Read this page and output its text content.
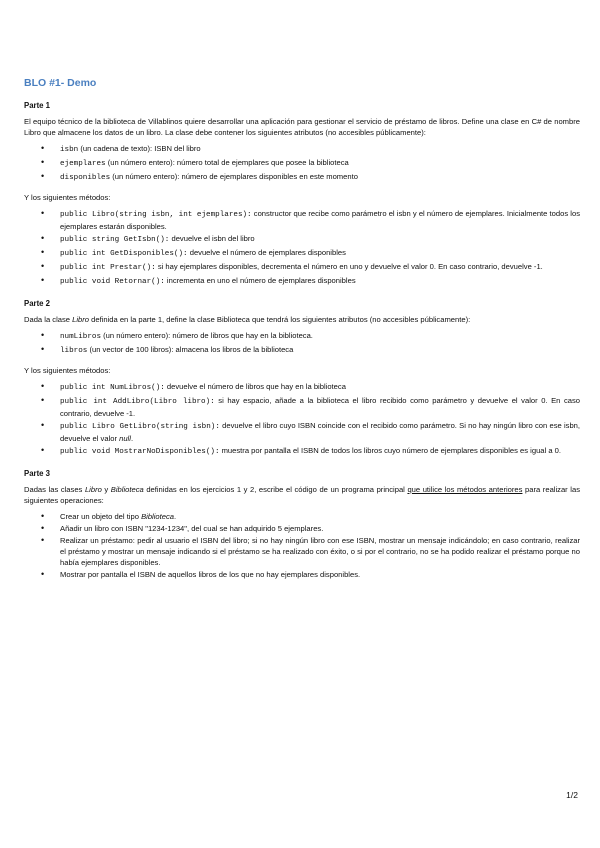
BLO #1- Demo
Parte 1

El equipo técnico de la biblioteca de Villablinos quiere desarrollar una aplicación para gestionar el servicio de préstamo de libros. Define una clase en C# de nombre Libro que almacene los datos de un libro. La clase debe contener los siguientes atributos (no accesibles públicamente):

• isbn (un cadena de texto): ISBN del libro
• ejemplares (un número entero): número total de ejemplares que posee la biblioteca
• disponibles (un número entero): número de ejemplares disponibles en este momento

Y los siguientes métodos:

• public Libro(string isbn, int ejemplares): constructor que recibe como parámetro el isbn y el número de ejemplares. Inicialmente todos los ejemplares estarán disponibles.
• public string GetIsbn(): devuelve el isbn del libro
• public int GetDisponibles(): devuelve el número de ejemplares disponibles
• public int Prestar(): si hay ejemplares disponibles, decrementa el número en uno y devuelve el valor 0. En caso contrario, devuelve -1.
• public void Retornar(): incrementa en uno el número de ejemplares disponibles
Parte 2

Dada la clase Libro definida en la parte 1, define la clase Biblioteca que tendrá los siguientes atributos (no accesibles públicamente):

• numLibros (un número entero): número de libros que hay en la biblioteca.
• libros (un vector de 100 libros): almacena los libros de la biblioteca

Y los siguientes métodos:

• public int NumLibros(): devuelve el número de libros que hay en la biblioteca
• public int AddLibro(Libro libro): si hay espacio, añade a la biblioteca el libro recibido como parámetro y devuelve el valor 0. En caso contrario, devuelve -1.
• public Libro GetLibro(string isbn): devuelve el libro cuyo ISBN coincide con el recibido como parámetro. Si no hay ningún libro con ese isbn, devuelve el valor null.
• public void MostrarNoDisponibles(): muestra por pantalla el ISBN de todos los libros cuyo número de ejemplares disponibles es igual a 0.
Parte 3

Dadas las clases Libro y Biblioteca definidas en los ejercicios 1 y 2, escribe el código de un programa principal que utilice los métodos anteriores para realizar las siguientes operaciones:

• Crear un objeto del tipo Biblioteca.
• Añadir un libro con ISBN "1234-1234", del cual se han adquirido 5 ejemplares.
• Realizar un préstamo: pedir al usuario el ISBN del libro; si no hay ningún libro con ese ISBN, mostrar un mensaje indicándolo; en caso contrario, realizar el préstamo y mostrar un mensaje indicando si el préstamo se ha realizado con éxito, o si por el contrario, no se ha podido realizar el préstamo porque no había ejemplares disponibles.
• Mostrar por pantalla el ISBN de aquellos libros de los que no hay ejemplares disponibles.
1/2
